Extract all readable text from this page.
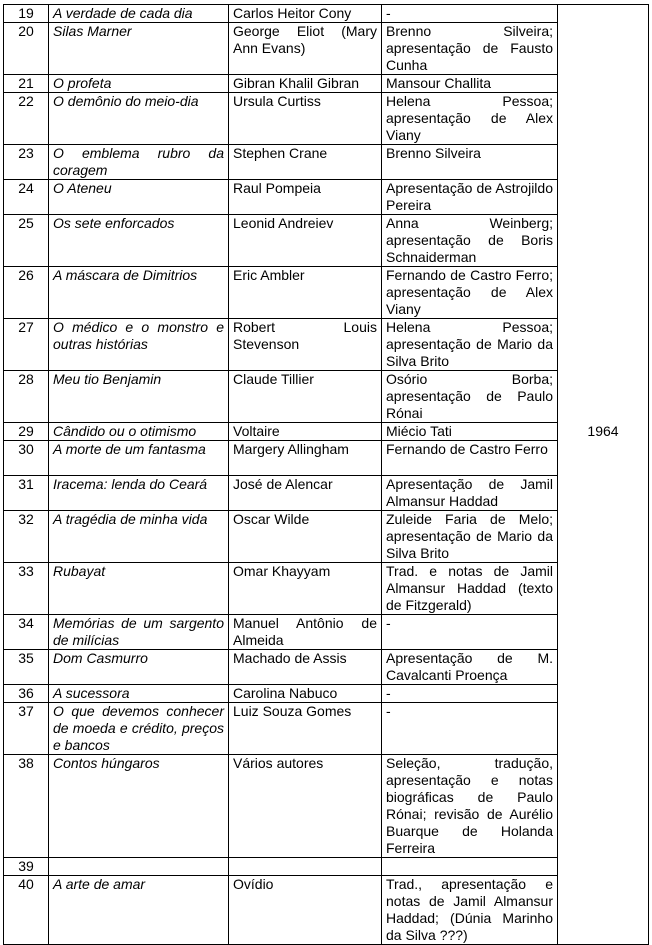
19	A verdade de cada dia	Carlos Heitor Cony	-	
20	Silas Marner	George Eliot (Mary Ann Evans)	Brenno Silveira; apresentação de Fausto Cunha	
21	O profeta	Gibran Khalil Gibran	Mansour Challita	
22	O demônio do meio-dia	Ursula Curtiss	Helena Pessoa; apresentação de Alex Viany	
23	O emblema rubro da coragem	Stephen Crane	Brenno Silveira	
24	O Ateneu	Raul Pompeia	Apresentação de Astrojildo Pereira	
25	Os sete enforcados	Leonid Andreiev	Anna Weinberg; apresentação de Boris Schnaiderman	
26	A máscara de Dimitrios	Eric Ambler	Fernando de Castro Ferro; apresentação de Alex Viany	
27	O médico e o monstro e outras histórias	Robert Louis Stevenson	Helena Pessoa; apresentação de Mario da Silva Brito	
28	Meu tio Benjamin	Claude Tillier	Osório Borba; apresentação de Paulo Rónai	
29	Cândido ou o otimismo	Voltaire	Miécio Tati	1964
30	A morte de um fantasma	Margery Allingham	Fernando de Castro Ferro	
31	Iracema: lenda do Ceará	José de Alencar	Apresentação de Jamil Almansur Haddad	
32	A tragédia de minha vida	Oscar Wilde	Zuleide Faria de Melo; apresentação de Mario da Silva Brito	
33	Rubayat	Omar Khayyam	Trad. e notas de Jamil Almansur Haddad (texto de Fitzgerald)	
34	Memórias de um sargento de milícias	Manuel Antônio de Almeida	-	
35	Dom Casmurro	Machado de Assis	Apresentação de M. Cavalcanti Proença	
36	A sucessora	Carolina Nabuco	-	
37	O que devemos conhecer de moeda e crédito, preços e bancos	Luiz Souza Gomes	-	
38	Contos húngaros	Vários autores	Seleção, tradução, apresentação e notas biográficas de Paulo Rónai; revisão de Aurélio Buarque de Holanda Ferreira	
39				
40	A arte de amar	Ovídio	Trad., apresentação e notas de Jamil Almansur Haddad; (Dúnia Marinho da Silva ???)	
